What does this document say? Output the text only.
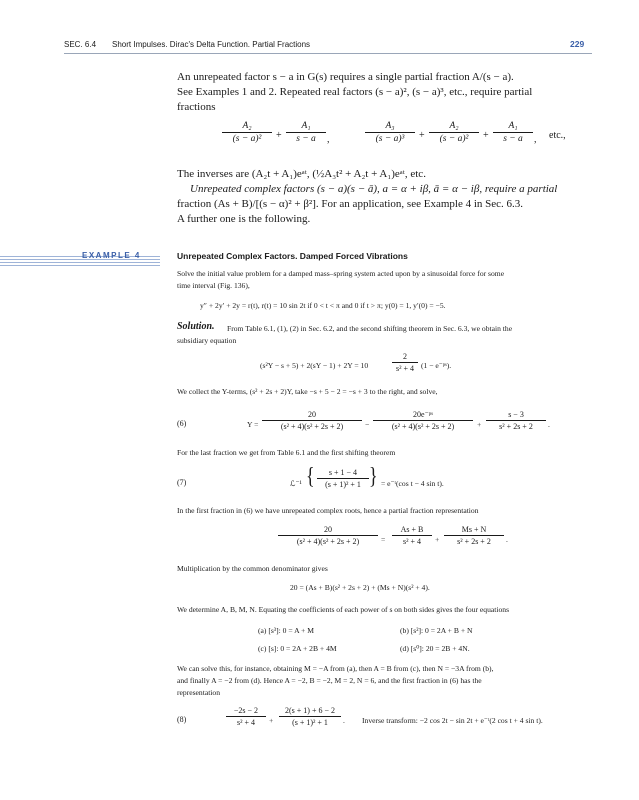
SEC. 6.4 Short Impulses. Dirac's Delta Function. Partial Fractions	229
An unrepeated factor s − a in G(s) requires a single partial fraction A/(s − a).
See Examples 1 and 2. Repeated real factors (s − a)², (s − a)³, etc., require partial
fractions
A₂
(s − a)²	+
A₁
s − a	,
A₃
(s − a)³	+
A₂
(s − a)²	+
A₁
s − a	, etc.,
The inverses are (A₂t + A₁)eᵃᵗ, (½A₃t² + A₂t + A₁)eᵃᵗ, etc.
Unrepeated complex factors (s − a)(s − ā), a = α + iβ, ā = α − iβ, require a partial
fraction (As + B)/[(s − α)² + β²]. For an application, see Example 4 in Sec. 6.3.
A further one is the following.
EXAMPLE 4	Unrepeated Complex Factors. Damped Forced Vibrations
Solve the initial value problem for a damped mass–spring system acted upon by a sinusoidal force for some
time interval (Fig. 136),
y″ + 2y′ + 2y = r(t), r(t) = 10 sin 2t if 0 < t < π and 0 if t > π; y(0) = 1, y′(0) = −5.
Solution. From Table 6.1, (1), (2) in Sec. 6.2, and the second shifting theorem in Sec. 6.3, we obtain the
subsidiary equation
(s²Y − s + 5) + 2(sY − 1) + 2Y = 10
2
s² + 4 (1 − e⁻ᵖˢ).
We collect the Y-terms, (s² + 2s + 2)Y, take −s + 5 − 2 = −s + 3 to the right, and solve,
(6)	Y =
20
(s² + 4)(s² + 2s + 2)	−
20e⁻ᵖˢ
(s² + 4)(s² + 2s + 2)	+
s − 3
s² + 2s + 2	.
For the last fraction we get from Table 6.1 and the first shifting theorem
(7)	ℒ⁻¹ {	s + 1 − 4
(s + 1)² + 1 } = e⁻ᵗ(cos t − 4 sin t).
In the first fraction in (6) we have unrepeated complex roots, hence a partial fraction representation
20
(s² + 4)(s² + 2s + 2)	=
As + B
s² + 4	+
Ms + N
s² + 2s + 2	.
Multiplication by the common denominator gives
20 = (As + B)(s² + 2s + 2) + (Ms + N)(s² + 4).
We determine A, B, M, N. Equating the coefficients of each power of s on both sides gives the four equations
(a) [s³]: 0 = A + M	(b) [s²]: 0 = 2A + B + N
(c) [s]: 0 = 2A + 2B + 4M	(d) [s⁰]: 20 = 2B + 4N.
We can solve this, for instance, obtaining M = −A from (a), then A = B from (c), then N = −3A from (b),
and finally A = −2 from (d). Hence A = −2, B = −2, M = 2, N = 6, and the first fraction in (6) has the
representation
(8)
−2s − 2
s² + 4	+
2(s + 1) + 6 − 2
(s + 1)² + 1	. Inverse transform: −2 cos 2t − sin 2t + e⁻ᵗ(2 cos t + 4 sin t).
